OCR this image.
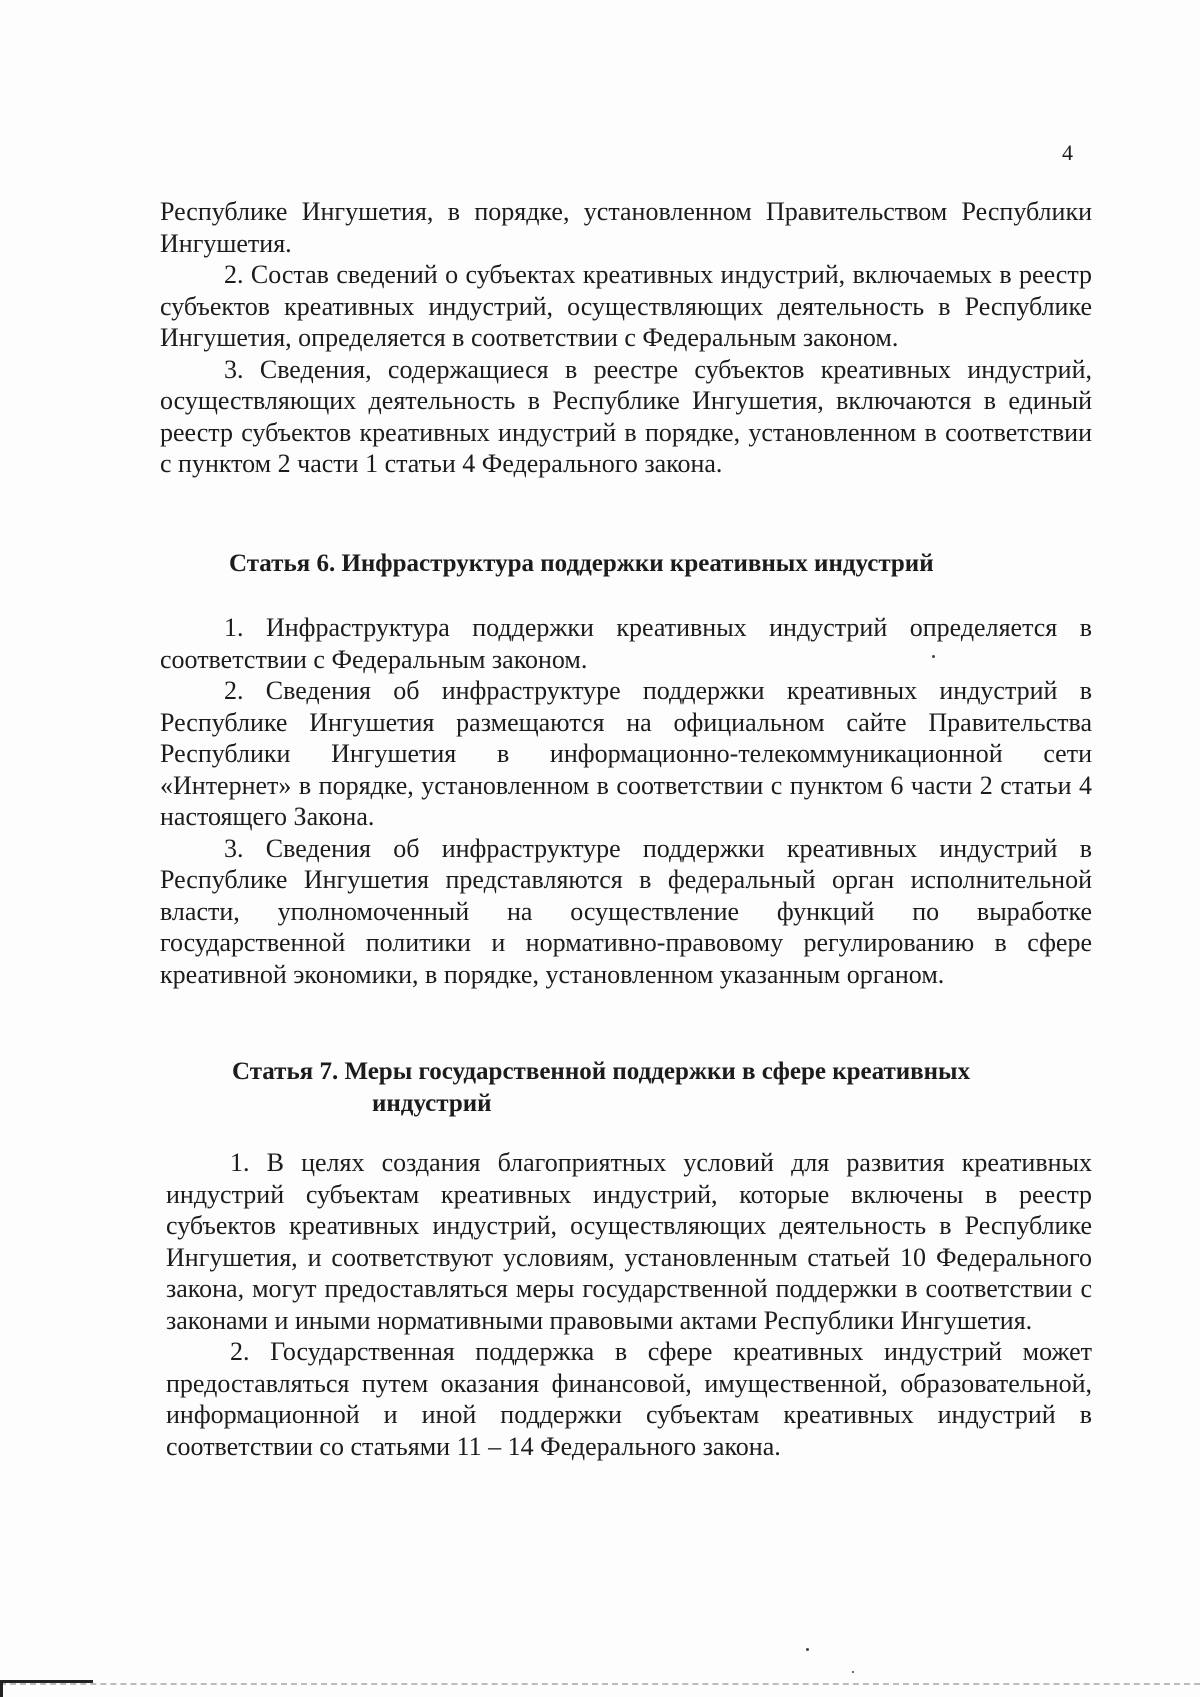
4

Республике Ингушетия, в порядке, установленном Правительством Республики Ингушетия.

2. Состав сведений о субъектах креативных индустрий, включаемых в реестр субъектов креативных индустрий, осуществляющих деятельность в Республике Ингушетия, определяется в соответствии с Федеральным законом.

3. Сведения, содержащиеся в реестре субъектов креативных индустрий, осуществляющих деятельность в Республике Ингушетия, включаются в единый реестр субъектов креативных индустрий в порядке, установленном в соответствии с пунктом 2 части 1 статьи 4 Федерального закона.

Статья 6. Инфраструктура поддержки креативных индустрий

1. Инфраструктура поддержки креативных индустрий определяется в соответствии с Федеральным законом.

2. Сведения об инфраструктуре поддержки креативных индустрий в Республике Ингушетия размещаются на официальном сайте Правительства Республики Ингушетия в информационно-телекоммуникационной сети «Интернет» в порядке, установленном в соответствии с пунктом 6 части 2 статьи 4 настоящего Закона.

3. Сведения об инфраструктуре поддержки креативных индустрий в Республике Ингушетия представляются в федеральный орган исполнительной власти, уполномоченный на осуществление функций по выработке государственной политики и нормативно-правовому регулированию в сфере креативной экономики, в порядке, установленном указанным органом.

Статья 7. Меры государственной поддержки в сфере креативных
индустрий

1. В целях создания благоприятных условий для развития креативных индустрий субъектам креативных индустрий, которые включены в реестр субъектов креативных индустрий, осуществляющих деятельность в Республике Ингушетия, и соответствуют условиям, установленным статьей 10 Федерального закона, могут предоставляться меры государственной поддержки в соответствии с законами и иными нормативными правовыми актами Республики Ингушетия.

2. Государственная поддержка в сфере креативных индустрий может предоставляться путем оказания финансовой, имущественной, образовательной, информационной и иной поддержки субъектам креативных индустрий в соответствии со статьями 11 – 14 Федерального закона.
